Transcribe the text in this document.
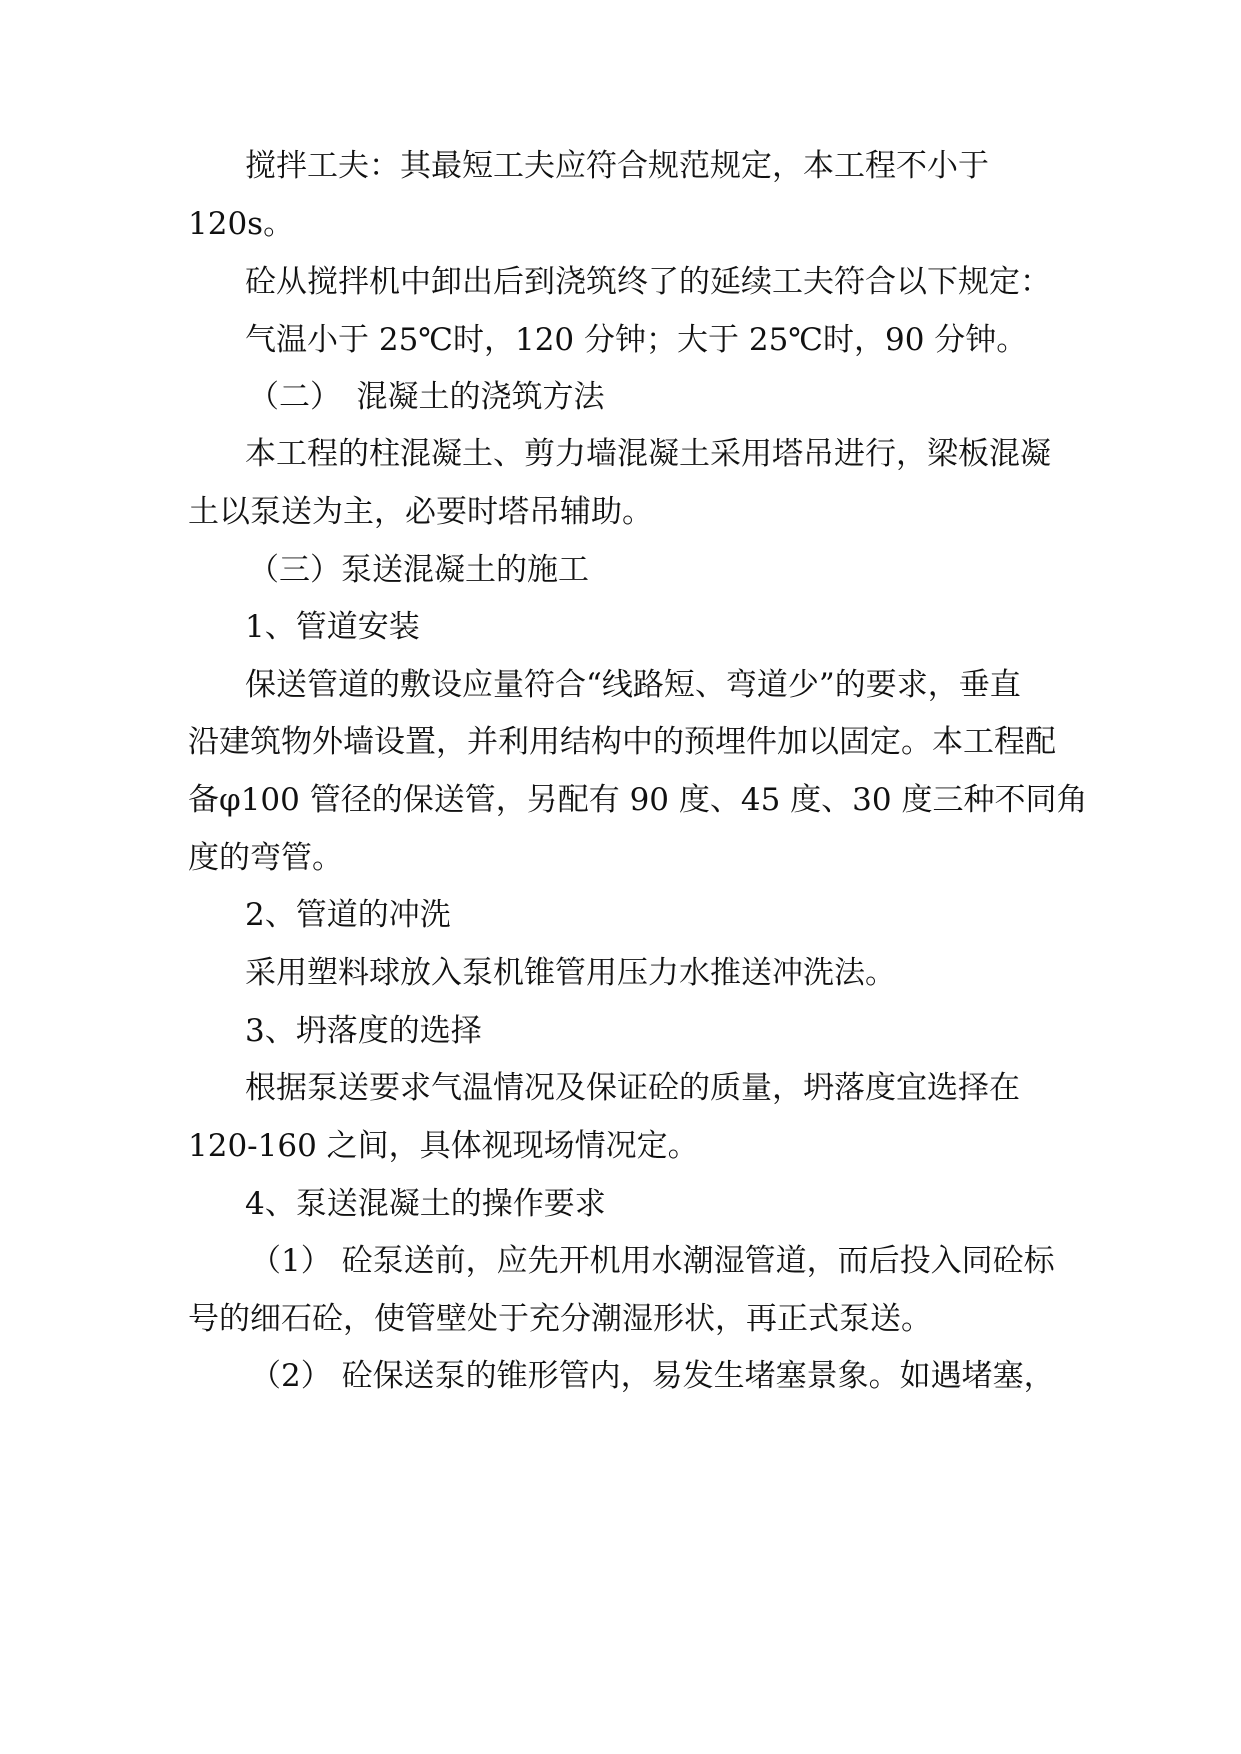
搅拌工夫：其最短工夫应符合规范规定，本工程不小于
120s。
砼从搅拌机中卸出后到浇筑终了的延续工夫符合以下规定：
气温小于 25℃时，120 分钟；大于 25℃时，90 分钟。
（二）　混凝土的浇筑方法
本工程的柱混凝土、剪力墙混凝土采用塔吊进行，梁板混凝
土以泵送为主，必要时塔吊辅助。
（三）泵送混凝土的施工
1、管道安装
保送管道的敷设应量符合“线路短、弯道少”的要求，垂直
沿建筑物外墙设置，并利用结构中的预埋件加以固定。本工程配
备φ100 管径的保送管，另配有 90 度、45 度、30 度三种不同角
度的弯管。
2、管道的冲洗
采用塑料球放入泵机锥管用压力水推送冲洗法。
3、坍落度的选择
根据泵送要求气温情况及保证砼的质量，坍落度宜选择在
120-160 之间，具体视现场情况定。
4、泵送混凝土的操作要求
（1） 砼泵送前，应先开机用水潮湿管道，而后投入同砼标
号的细石砼，使管壁处于充分潮湿形状，再正式泵送。
（2） 砼保送泵的锥形管内，易发生堵塞景象。如遇堵塞，
